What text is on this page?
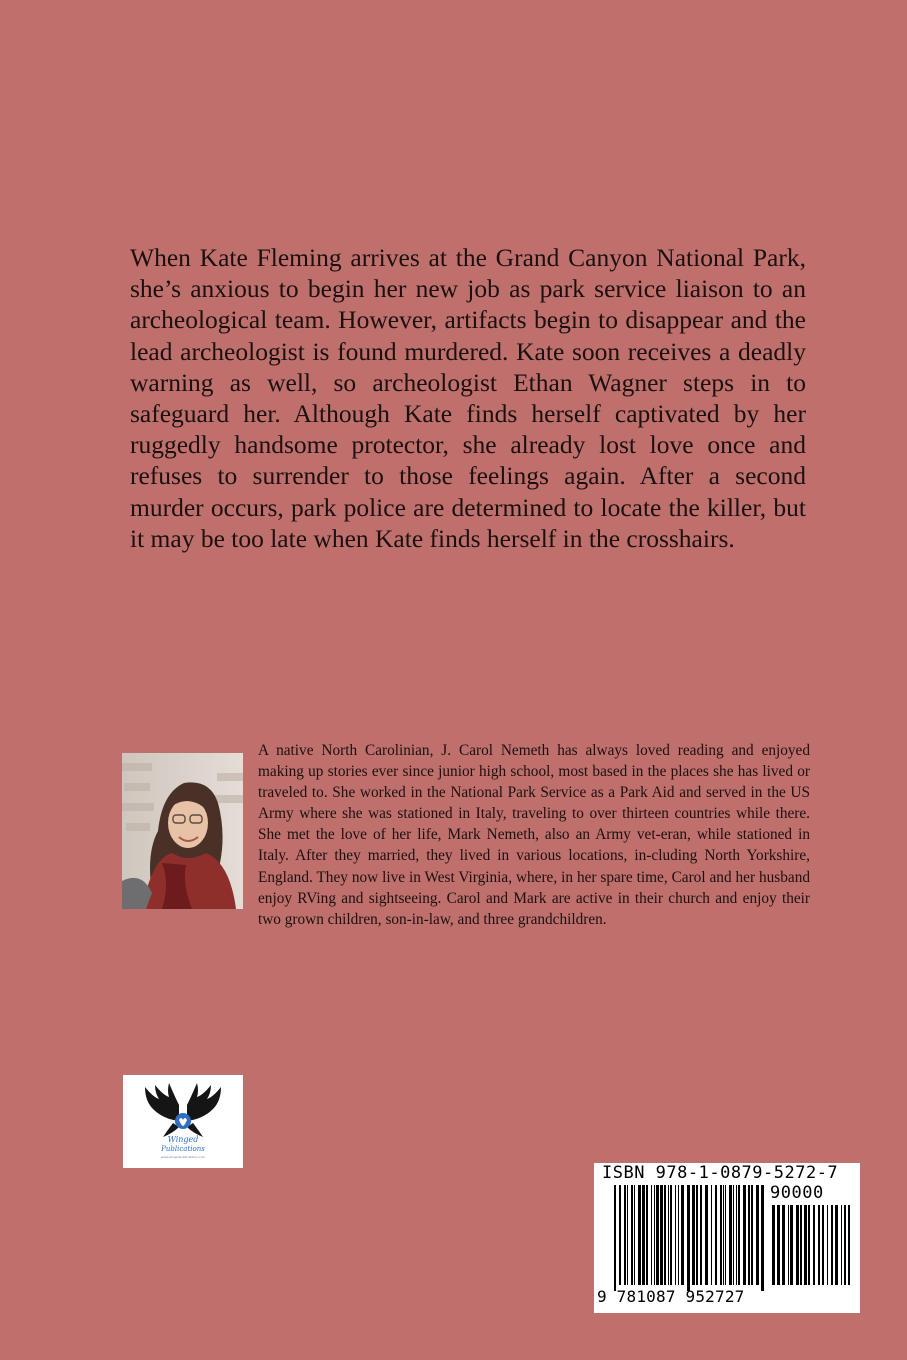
When Kate Fleming arrives at the Grand Canyon National Park, she’s anxious to begin her new job as park service liaison to an archeological team. However, artifacts begin to disappear and the lead archeologist is found murdered. Kate soon receives a deadly warning as well, so archeologist Ethan Wagner steps in to safeguard her. Although Kate finds herself captivated by her ruggedly handsome protector, she already lost love once and refuses to surrender to those feelings again. After a second murder occurs, park police are determined to locate the killer, but it may be too late when Kate finds herself in the crosshairs.

A native North Carolinian, J. Carol Nemeth has always loved reading and enjoyed making up stories ever since junior high school, most based in the places she has lived or traveled to. She worked in the National Park Service as a Park Aid and served in the US Army where she was stationed in Italy, traveling to over thirteen countries while there. She met the love of her life, Mark Nemeth, also an Army vet-eran, while stationed in Italy. After they married, they lived in various locations, in-cluding North Yorkshire, England. They now live in West Virginia, where, in her spare time, Carol and her husband enjoy RVing and sightseeing. Carol and Mark are active in their church and enjoy their two grown children, son-in-law, and three grandchildren.

Winged
Publications
www.wingedpublications.com
ISBN 978-1-0879-5272-7
90000
9 781087 952727
